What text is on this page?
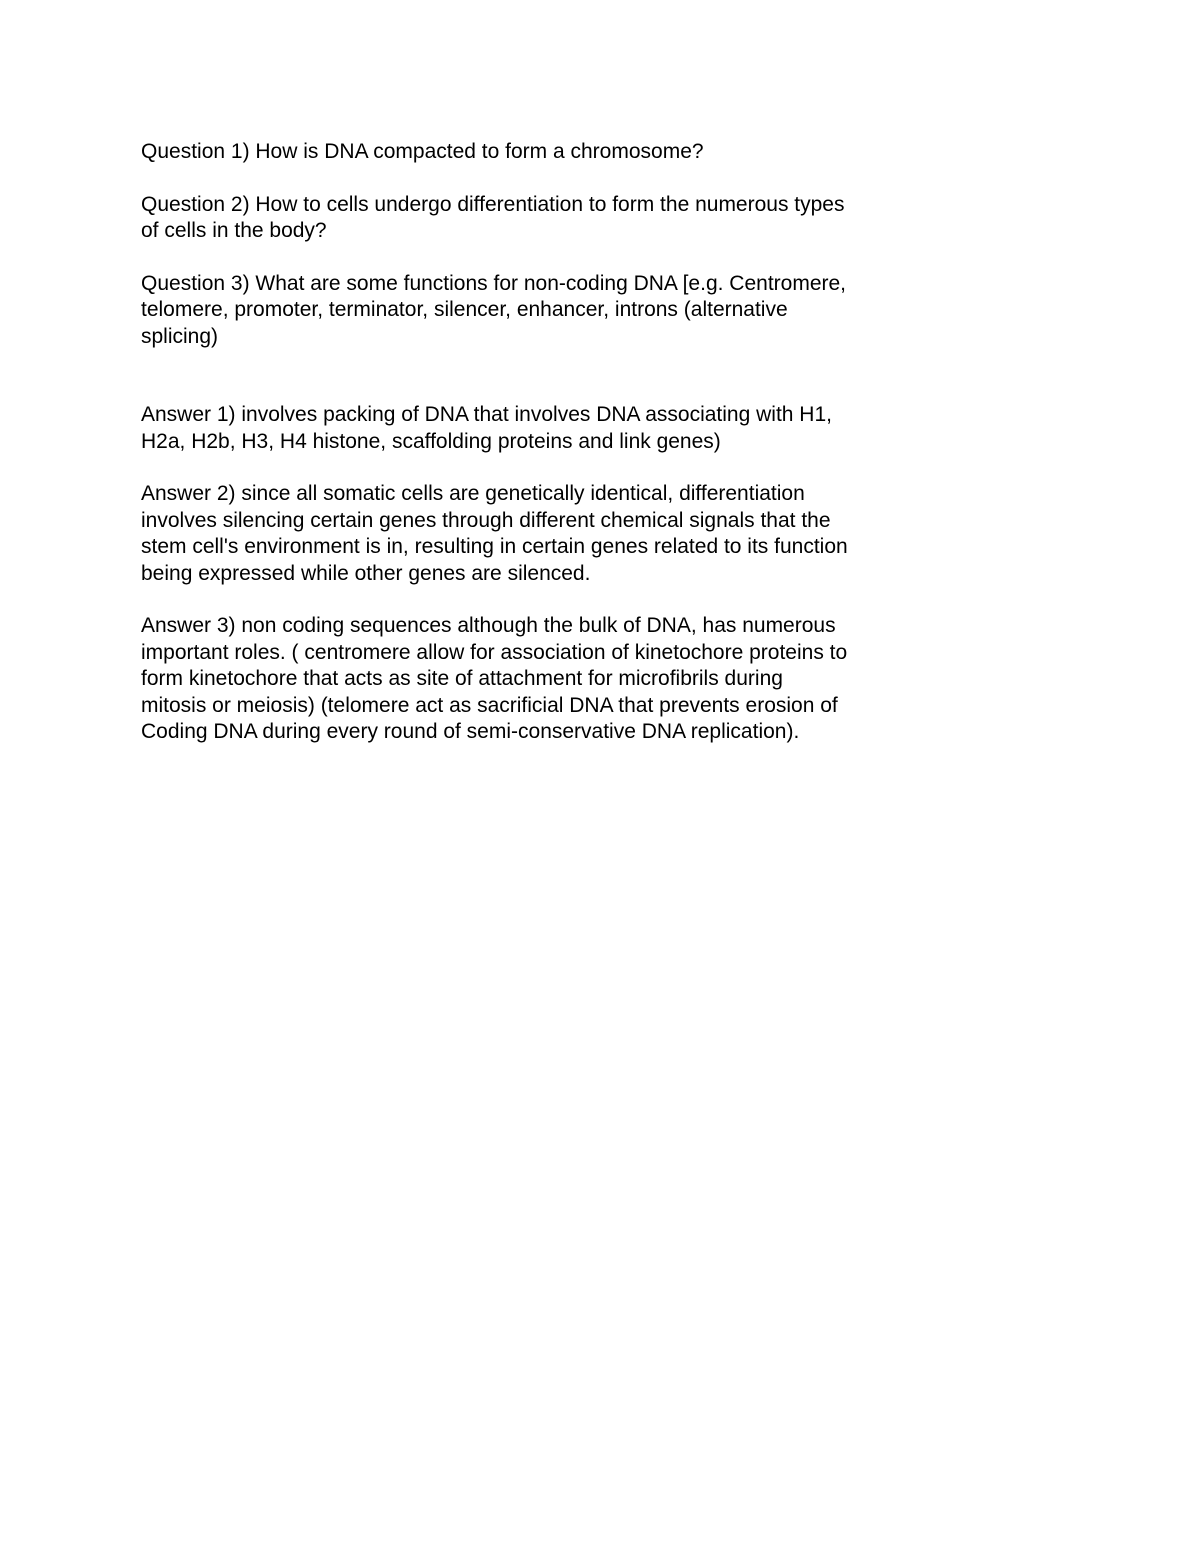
Question 1) How is DNA compacted to form a chromosome?

Question 2) How to cells undergo differentiation to form the numerous types
of cells in the body?

Question 3) What are some functions for non-coding DNA [e.g. Centromere,
telomere, promoter, terminator, silencer, enhancer, introns (alternative
splicing)

Answer 1) involves packing of DNA that involves DNA associating with H1,
H2a, H2b, H3, H4 histone, scaffolding proteins and link genes)

Answer 2) since all somatic cells are genetically identical, differentiation
involves silencing certain genes through different chemical signals that the
stem cell's environment is in, resulting in certain genes related to its function
being expressed while other genes are silenced.

Answer 3) non coding sequences although the bulk of DNA, has numerous
important roles. ( centromere allow for association of kinetochore proteins to
form kinetochore that acts as site of attachment for microfibrils during
mitosis or meiosis) (telomere act as sacrificial DNA that prevents erosion of
Coding DNA during every round of semi-conservative DNA replication).
